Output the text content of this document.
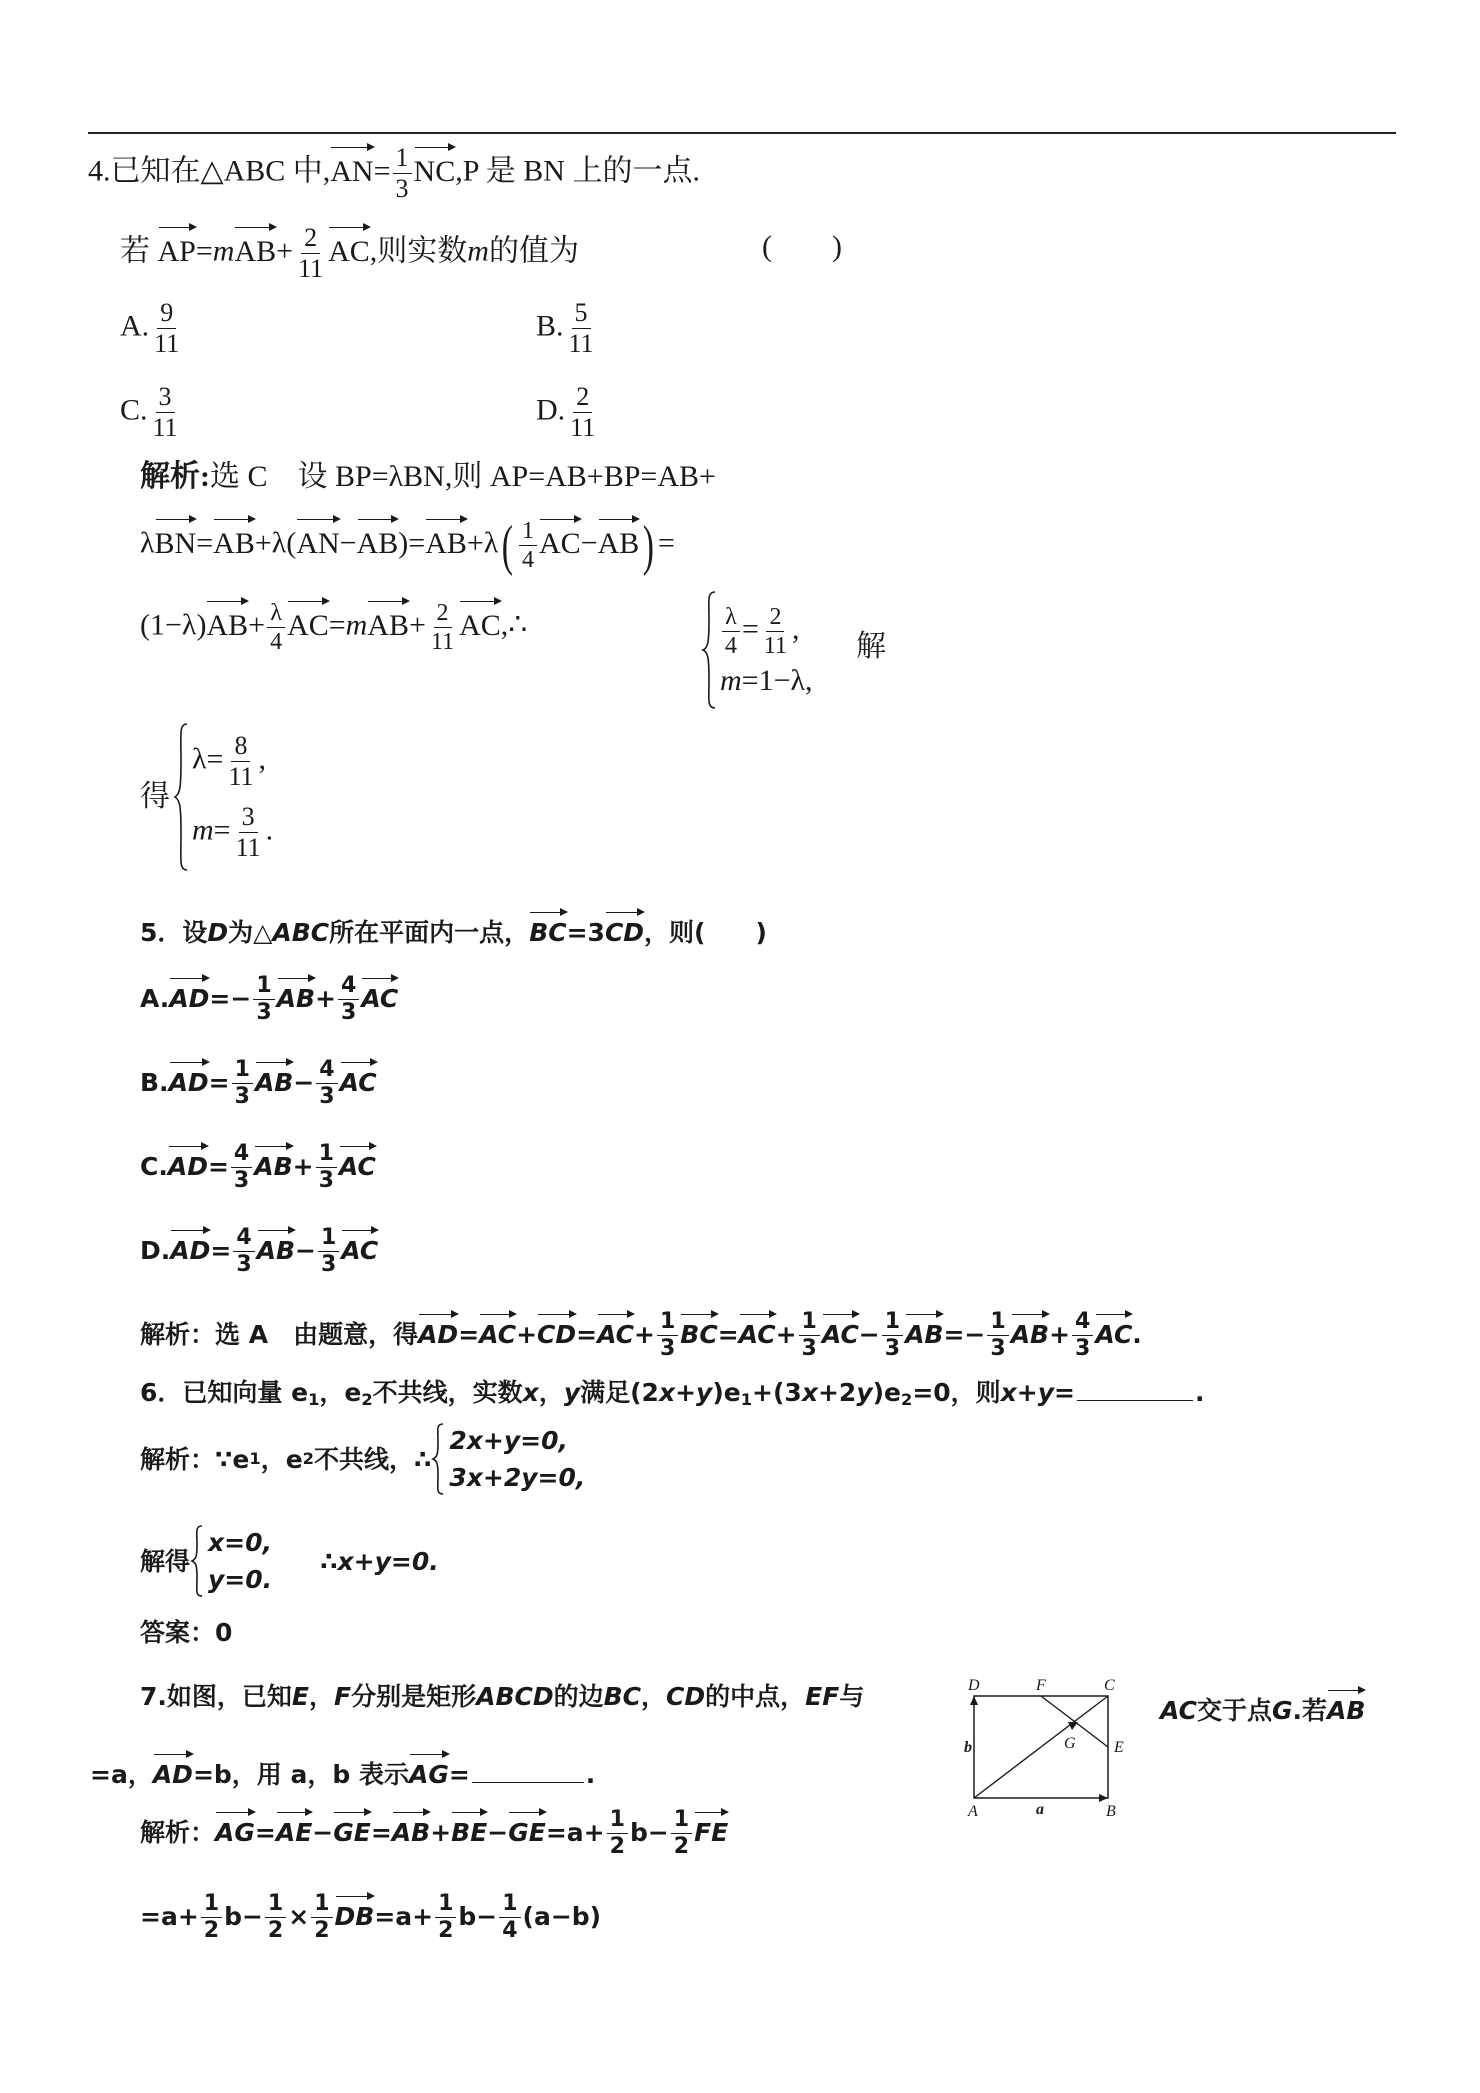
4.已知在△ABC 中$,AN= \frac{1}{3} NC,P$ 是 BN 上的一点.
若 $AP=mAB+ \frac{2}{11}$ AC,则实数m的值为	(　　)
A. $\frac{9}{11}$	B. $\frac{5}{11}$
C. $\frac{3}{11}$	D. $\frac{2}{11}$
解析:选 C　设 BP=λBN,则 AP=AB+BP=AB+
$\lambda BN=AB+\lambda(AN-AB)=AB+\lambda( \frac{1}{4} AC-AB)$ =
$(1-\lambda)AB+ \frac{\lambda}{4} AC=mAB+ \frac{2}{11}$ AC,∴	$\frac{\lambda}{4} = \frac{2}{11}$ ,
m=1−λ,
解
得
$\lambda= \frac{8}{11}$ ,
$m= \frac{3}{11}$ .
5．设D为△ABC所在平面内一点，BC=3CD，则(　　)
$A.AD=- \frac{1}{3} AB+ \frac{4}{3}$ AC
$B.AD= \frac{1}{3} AB- \frac{4}{3}$ AC
$C.AD= \frac{4}{3} AB+ \frac{1}{3}$ AC
$D.AD= \frac{4}{3} AB- \frac{1}{3}$ AC
解析：选 A　由题意，得$AD=AC+CD=AC+ \frac{1}{3} BC=AC+ \frac{1}{3} AC- \frac{1}{3} AB=- \frac{1}{3} AB+ \frac{4}{3}$ AC.
6．已知向量 $e_1$，$e_2$不共线，实数x，y满足$(2x+y)e_1+(3x+2y)e_2=0$，则x+y=	.
解析： ∵e 1 ，e 2 不共线，∴
2x+y=0,
3x+2y=0,
解得
x=0,
y=0.
∴x+y=0.
答案：0
7.如图，已知E，F分别是矩形ABCD的边BC，CD的中点，EF与	AC交于点G.若AB
=a，AD=b，用 a，b 表示AG=	.
D	F	C
G E
A	B
a
b
解析：$AG=AE-GE=AB+BE-GE=a+ \frac{1}{2} b- \frac{1}{2}$ FE
$=a+ \frac{1}{2} b- \frac{1}{2} \times \frac{1}{2} DB=a+ \frac{1}{2} b- \frac{1}{4} (a-b)$
